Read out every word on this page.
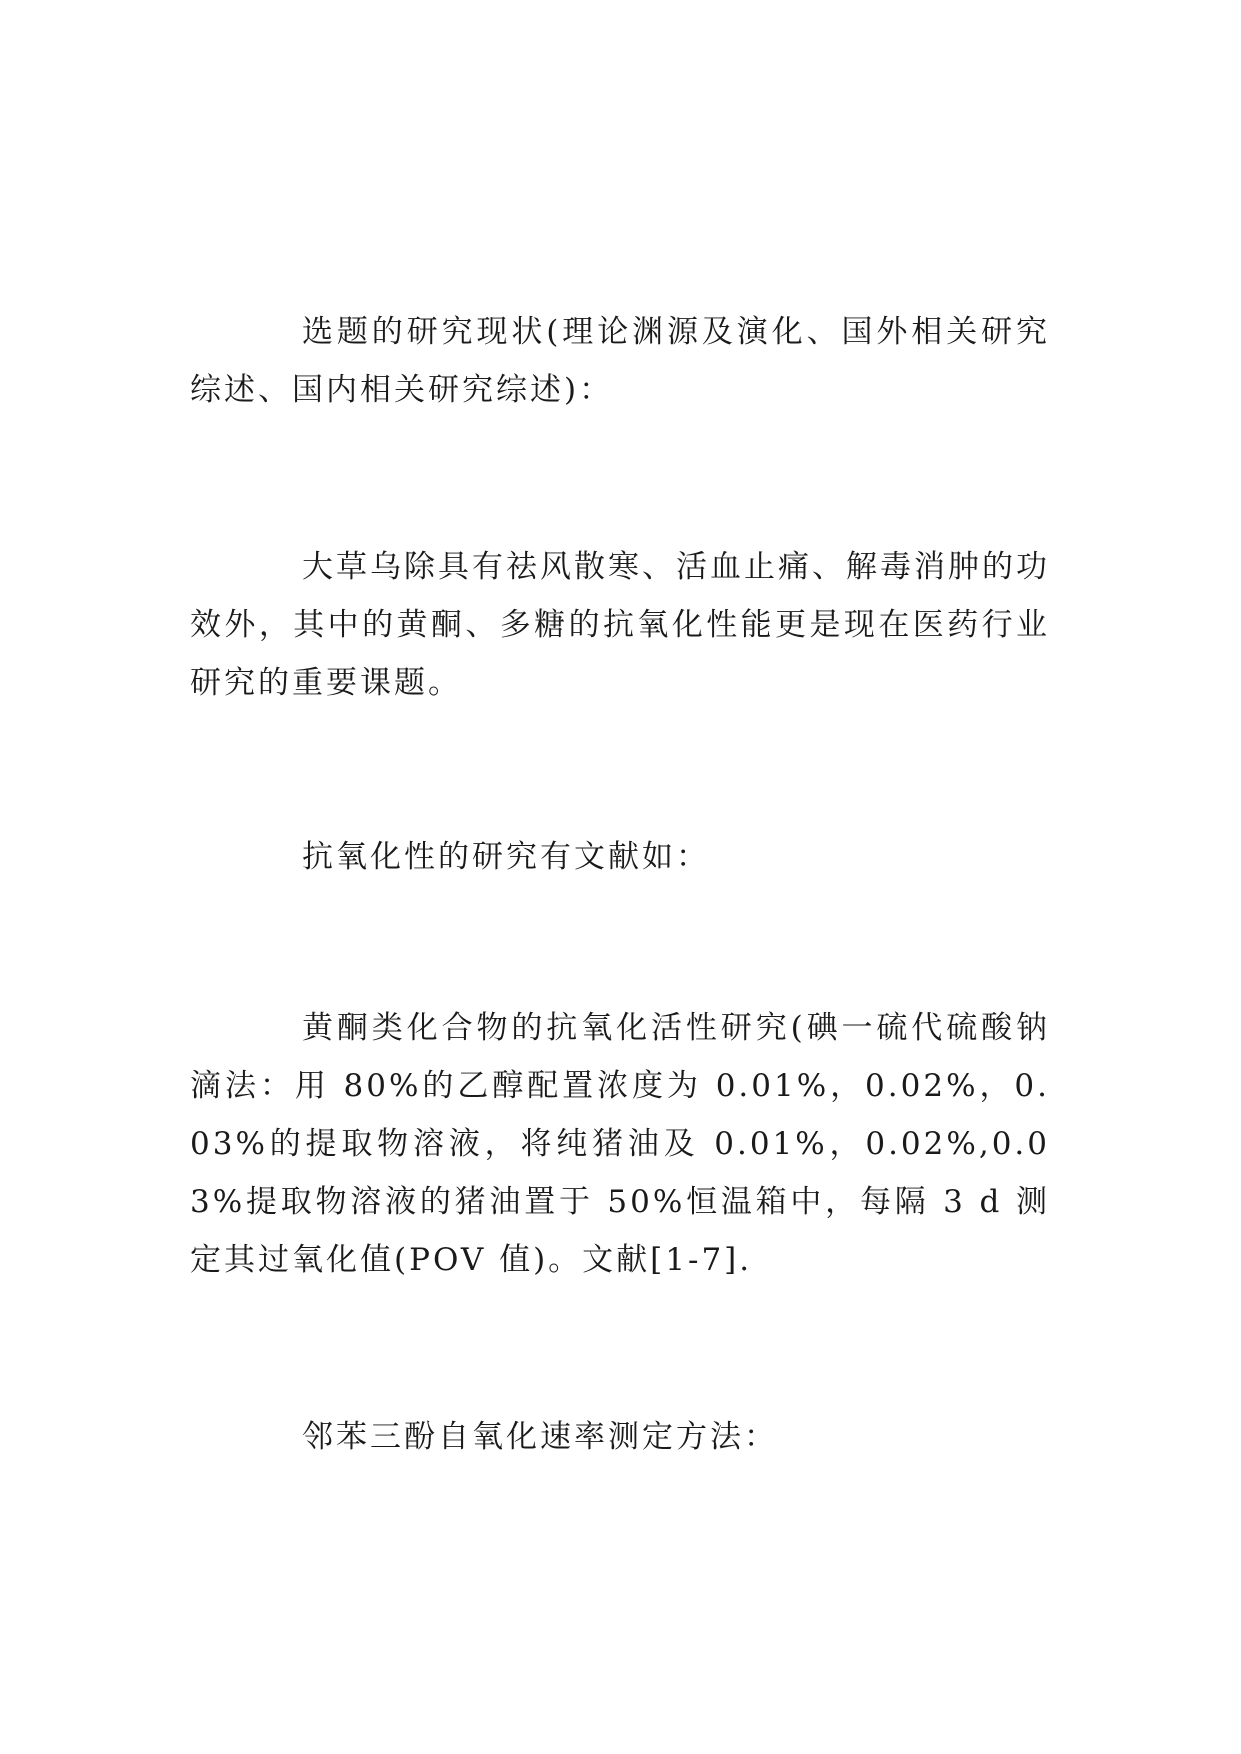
选题的研究现状(理论渊源及演化、国外相关研究综述、国内相关研究综述)：

大草乌除具有祛风散寒、活血止痛、解毒消肿的功效外，其中的黄酮、多糖的抗氧化性能更是现在医药行业研究的重要课题。

抗氧化性的研究有文献如：

黄酮类化合物的抗氧化活性研究(碘一硫代硫酸钠滴法：用 80%的乙醇配置浓度为 0.01%，0.02%，0.03%的提取物溶液，将纯猪油及 0.01%，0.02%,0.03%提取物溶液的猪油置于 50%恒温箱中，每隔 3 d 测定其过氧化值(POV 值)。文献[1-7].

邻苯三酚自氧化速率测定方法：
